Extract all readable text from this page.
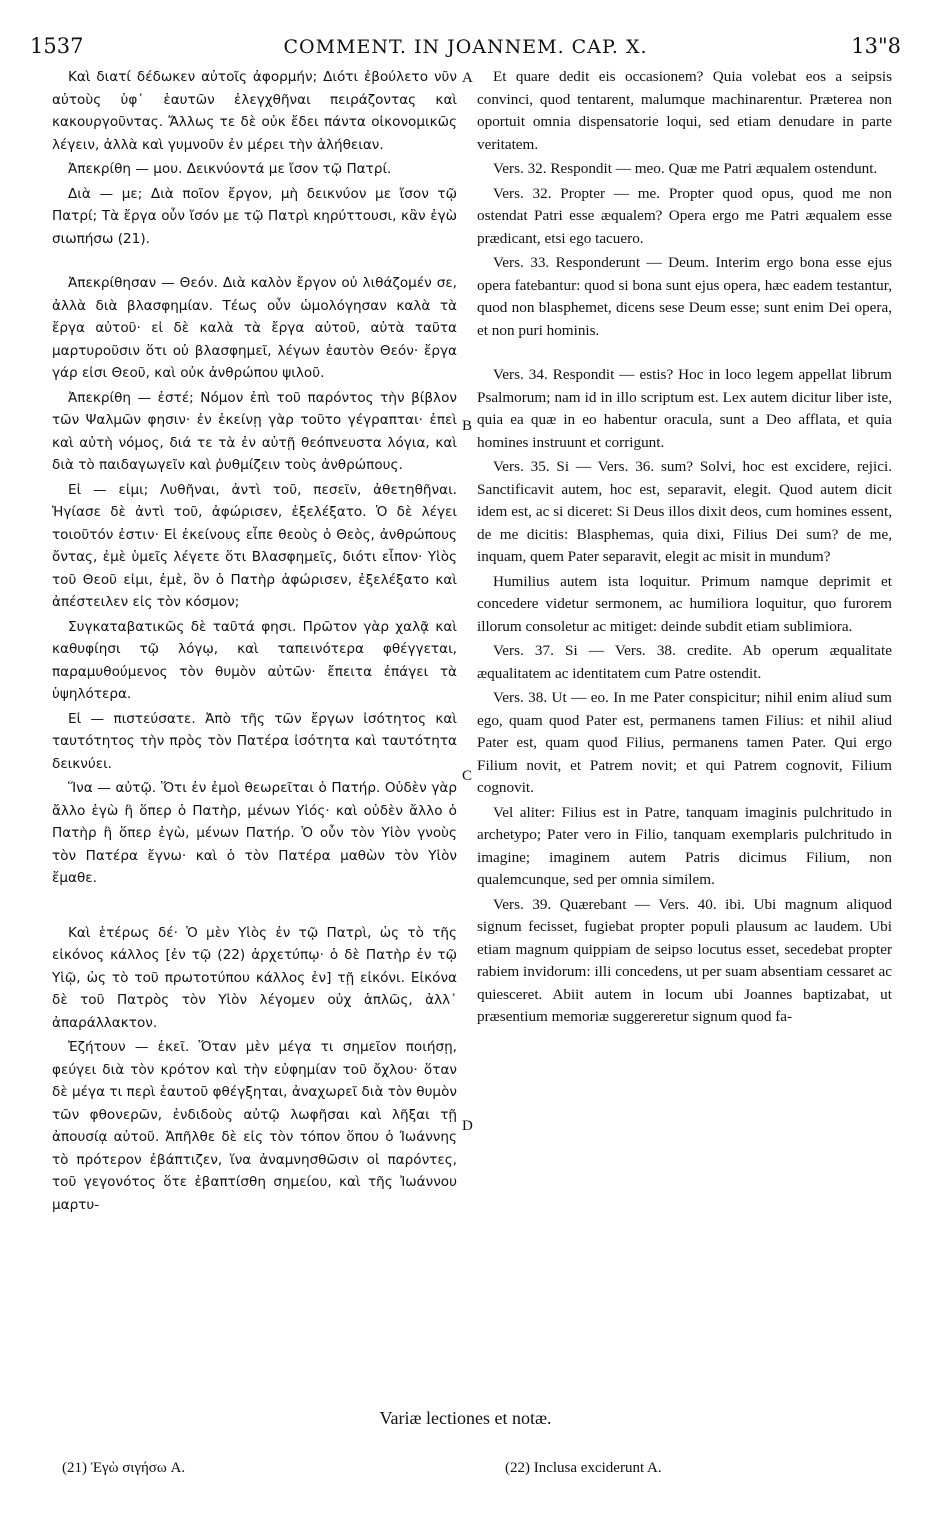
1537	COMMENT. IN JOANNEM. CAP. X.	13"8

Καὶ διατί δέδωκεν αὐτοῖς ἀφορμήν; Διότι ἐβούλετο νῦν αὐτοὺς ὑφ᾽ ἑαυτῶν ἐλεγχθῆναι πειράζοντας καὶ κακουργοῦντας. Ἄλλως τε δὲ οὐκ ἔδει πάντα οἰκονομικῶς λέγειν, ἀλλὰ καὶ γυμνοῦν ἐν μέρει τὴν ἀλήθειαν.

Ἀπεκρίθη — μου. Δεικνύοντά με ἴσον τῷ Πατρί.

Διὰ — με; Διὰ ποῖον ἔργον, μὴ δεικνύον με ἴσον τῷ Πατρί; Τὰ ἔργα οὖν ἴσόν με τῷ Πατρὶ κηρύττουσι, κἂν ἐγὼ σιωπήσω (21).

Ἀπεκρίθησαν — Θεόν. Διὰ καλὸν ἔργον οὐ λιθάζομέν σε, ἀλλὰ διὰ βλασφημίαν. Τέως οὖν ὡμολόγησαν καλὰ τὰ ἔργα αὐτοῦ· εἰ δὲ καλὰ τὰ ἔργα αὐτοῦ, αὐτὰ ταῦτα μαρτυροῦσιν ὅτι οὐ βλασφημεῖ, λέγων ἑαυτὸν Θεόν· ἔργα γάρ εἰσι Θεοῦ, καὶ οὐκ ἀνθρώπου ψιλοῦ.

Ἀπεκρίθη — ἐστέ; Νόμον ἐπὶ τοῦ παρόντος τὴν βίβλον τῶν Ψαλμῶν φησιν· ἐν ἐκείνῃ γὰρ τοῦτο γέγραπται· ἐπεὶ καὶ αὐτὴ νόμος, διά τε τὰ ἐν αὐτῇ θεόπνευστα λόγια, καὶ διὰ τὸ παιδαγωγεῖν καὶ ῥυθμίζειν τοὺς ἀνθρώπους.

Εἰ — εἰμι; Λυθῆναι, ἀντὶ τοῦ, πεσεῖν, ἀθετηθῆναι. Ἡγίασε δὲ ἀντὶ τοῦ, ἀφώρισεν, ἐξελέξατο. Ὁ δὲ λέγει τοιοῦτόν ἐστιν· Εἰ ἐκείνους εἶπε θεοὺς ὁ Θεὸς, ἀνθρώπους ὄντας, ἐμὲ ὑμεῖς λέγετε ὅτι Βλασφημεῖς, διότι εἶπον· Υἱὸς τοῦ Θεοῦ εἰμι, ἐμὲ, ὃν ὁ Πατὴρ ἀφώρισεν, ἐξελέξατο καὶ ἀπέστειλεν εἰς τὸν κόσμον;

Συγκαταβατικῶς δὲ ταῦτά φησι. Πρῶτον γὰρ χαλᾷ καὶ καθυφίησι τῷ λόγῳ, καὶ ταπεινότερα φθέγγεται, παραμυθούμενος τὸν θυμὸν αὐτῶν· ἔπειτα ἐπάγει τὰ ὑψηλότερα.

Εἰ — πιστεύσατε. Ἀπὸ τῆς τῶν ἔργων ἰσότητος καὶ ταυτότητος τὴν πρὸς τὸν Πατέρα ἰσότητα καὶ ταυτότητα δεικνύει.

Ἵνα — αὐτῷ. Ὅτι ἐν ἐμοὶ θεωρεῖται ὁ Πατήρ. Οὐδὲν γὰρ ἄλλο ἐγὼ ἢ ὅπερ ὁ Πατὴρ, μένων Υἱός· καὶ οὐδὲν ἄλλο ὁ Πατὴρ ἢ ὅπερ ἐγὼ, μένων Πατήρ. Ὁ οὖν τὸν Υἱὸν γνοὺς τὸν Πατέρα ἔγνω· καὶ ὁ τὸν Πατέρα μαθὼν τὸν Υἱὸν ἔμαθε.

Καὶ ἑτέρως δέ· Ὁ μὲν Υἱὸς ἐν τῷ Πατρὶ, ὡς τὸ τῆς εἰκόνος κάλλος [ἐν τῷ (22) ἀρχετύπῳ· ὁ δὲ Πατὴρ ἐν τῷ Υἱῷ, ὡς τὸ τοῦ πρωτοτύπου κάλλος ἐν] τῇ εἰκόνι. Εἰκόνα δὲ τοῦ Πατρὸς τὸν Υἱὸν λέγομεν οὐχ ἁπλῶς, ἀλλ᾽ ἀπαράλλακτον.

Ἐζήτουν — ἐκεῖ. Ὅταν μὲν μέγα τι σημεῖον ποιήσῃ, φεύγει διὰ τὸν κρότον καὶ τὴν εὐφημίαν τοῦ ὄχλου· ὅταν δὲ μέγα τι περὶ ἑαυτοῦ φθέγξηται, ἀναχωρεῖ διὰ τὸν θυμὸν τῶν φθονερῶν, ἐνδιδοὺς αὐτῷ λωφῆσαι καὶ λῆξαι τῇ ἀπουσίᾳ αὐτοῦ. Ἀπῆλθε δὲ εἰς τὸν τόπον ὅπου ὁ Ἰωάννης τὸ πρότερον ἐβάπτιζεν, ἵνα ἀναμνησθῶσιν οἱ παρόντες, τοῦ γεγονότος ὅτε ἐβαπτίσθη σημείου, καὶ τῆς Ἰωάννου μαρτυ-

Et quare dedit eis occasionem? Quia volebat eos a seipsis convinci, quod tentarent, malumque machinarentur. Præterea non oportuit omnia dispensatorie loqui, sed etiam denudare in parte veritatem.

Vers. 32. Respondit — meo. Quæ me Patri æqualem ostendunt.

Vers. 32. Propter — me. Propter quod opus, quod me non ostendat Patri esse æqualem? Opera ergo me Patri æqualem esse prædicant, etsi ego tacuero.

Vers. 33. Responderunt — Deum. Interim ergo bona esse ejus opera fatebantur: quod si bona sunt ejus opera, hæc eadem testantur, quod non blasphemet, dicens sese Deum esse; sunt enim Dei opera, et non puri hominis.

Vers. 34. Respondit — estis? Hoc in loco legem appellat librum Psalmorum; nam id in illo scriptum est. Lex autem dicitur liber iste, quia ea quæ in eo habentur oracula, sunt a Deo afflata, et quia homines instruunt et corrigunt.

Vers. 35. Si — Vers. 36. sum? Solvi, hoc est excidere, rejici. Sanctificavit autem, hoc est, separavit, elegit. Quod autem dicit idem est, ac si diceret: Si Deus illos dixit deos, cum homines essent, de me dicitis: Blasphemas, quia dixi, Filius Dei sum? de me, inquam, quem Pater separavit, elegit ac misit in mundum?

Humilius autem ista loquitur. Primum namque deprimit et concedere videtur sermonem, ac humiliora loquitur, quo furorem illorum consoletur ac mitiget: deinde subdit etiam sublimiora.

Vers. 37. Si — Vers. 38. credite. Ab operum æqualitate æqualitatem ac identitatem cum Patre ostendit.

Vers. 38. Ut — eo. In me Pater conspicitur; nihil enim aliud sum ego, quam quod Pater est, permanens tamen Filius: et nihil aliud Pater est, quam quod Filius, permanens tamen Pater. Qui ergo Filium novit, et Patrem novit; et qui Patrem cognovit, Filium cognovit.

Vel aliter: Filius est in Patre, tanquam imaginis pulchritudo in archetypo; Pater vero in Filio, tanquam exemplaris pulchritudo in imagine; imaginem autem Patris dicimus Filium, non qualemcunque, sed per omnia similem.

Vers. 39. Quærebant — Vers. 40. ibi. Ubi magnum aliquod signum fecisset, fugiebat propter populi plausum ac laudem. Ubi etiam magnum quippiam de seipso locutus esset, secedebat propter rabiem invidorum: illi concedens, ut per suam absentiam cessaret ac quiesceret. Abiit autem in locum ubi Joannes baptizabat, ut præsentium memoriæ suggereretur signum quod fa-

A
B
C
D
Variæ lectiones et notæ.
(21) Ἐγὼ σιγήσω A.	(22) Inclusa exciderunt A.
